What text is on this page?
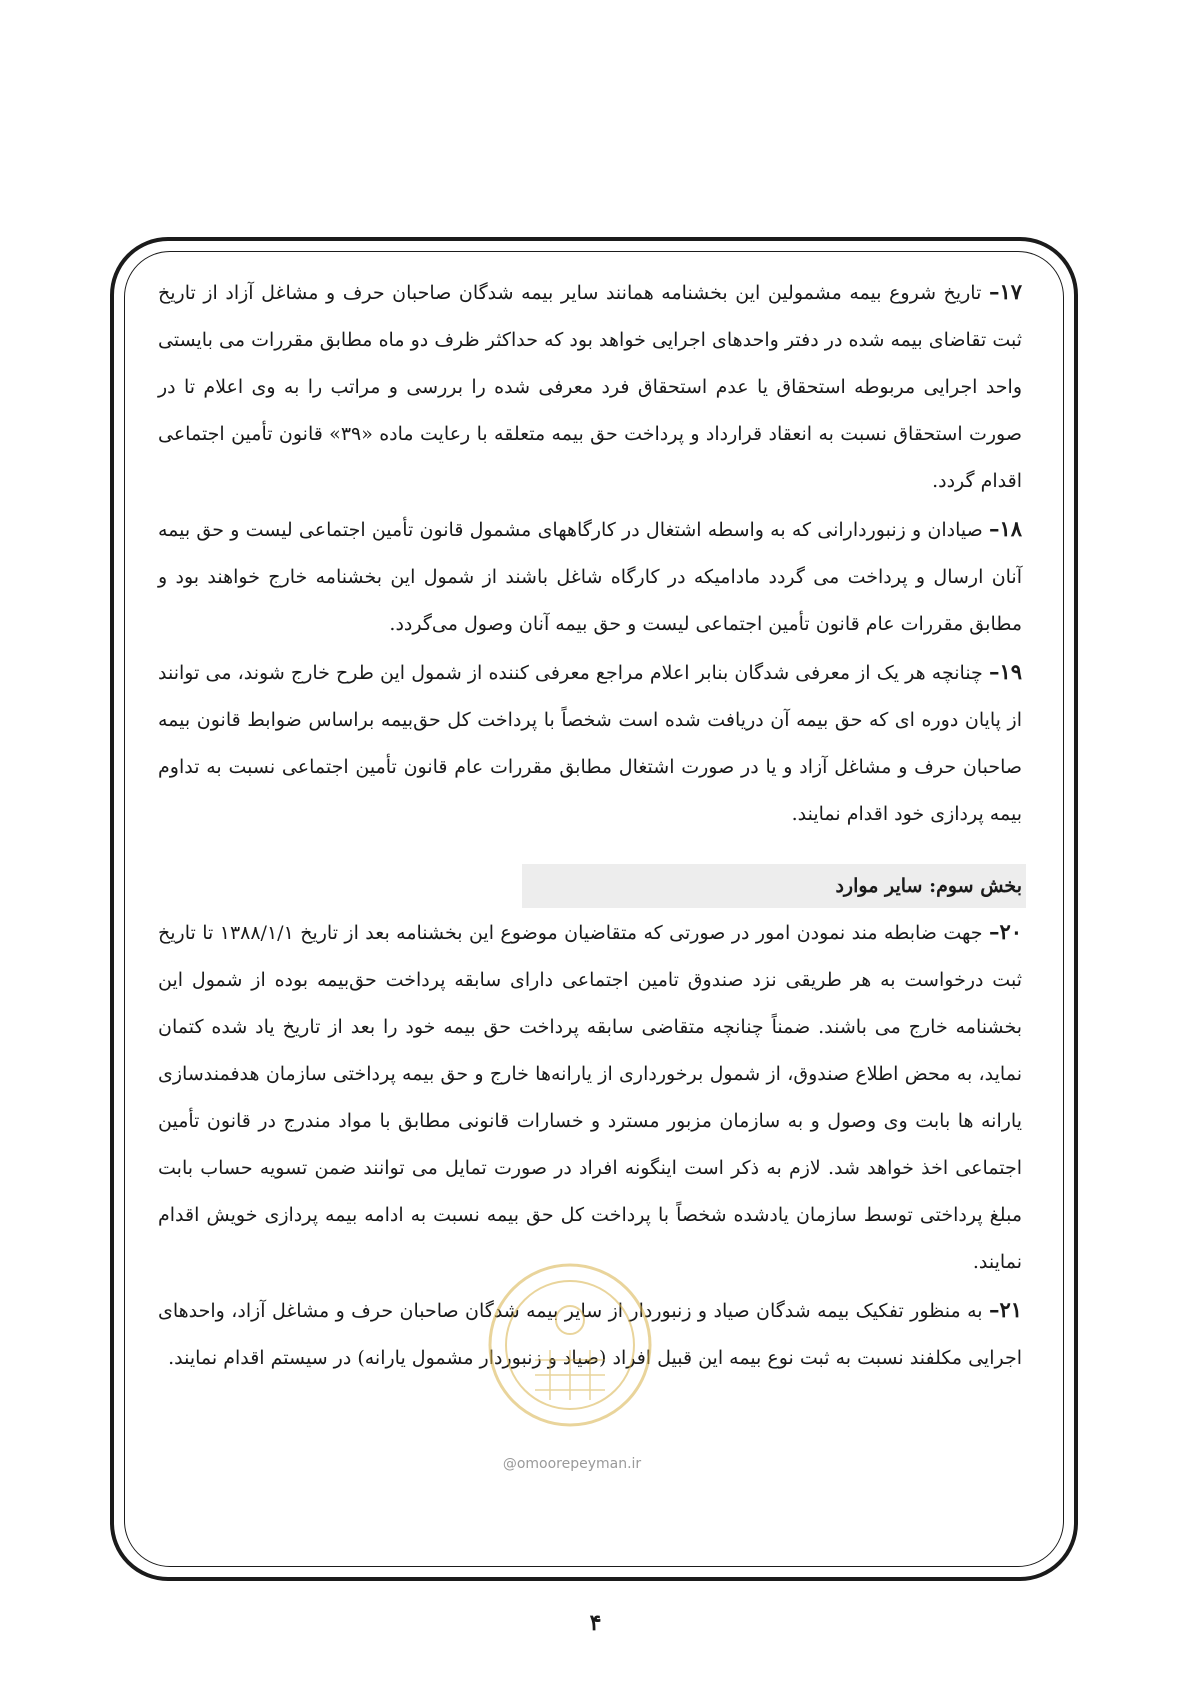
۱۷– تاریخ شروع بیمه مشمولین این بخشنامه همانند سایر بیمه شدگان صاحبان حرف و مشاغل آزاد از تاریخ ثبت تقاضای بیمه شده در دفتر واحدهای اجرایی خواهد بود که حداکثر ظرف دو ماه مطابق مقررات می بایستی واحد اجرایی مربوطه استحقاق یا عدم استحقاق فرد معرفی شده را بررسی و مراتب را به وی اعلام تا در صورت استحقاق نسبت به انعقاد قرارداد و پرداخت حق بیمه متعلقه با رعایت ماده «۳۹» قانون تأمین اجتماعی اقدام گردد.

۱۸– صیادان و زنبوردارانی که به واسطه اشتغال در کارگاههای مشمول قانون تأمین اجتماعی لیست و حق بیمه آنان ارسال و پرداخت می گردد مادامیکه در کارگاه شاغل باشند از شمول این بخشنامه خارج خواهند بود و مطابق مقررات عام قانون تأمین اجتماعی لیست و حق بیمه آنان وصول می‌گردد.

۱۹– چنانچه هر یک از معرفی شدگان بنابر اعلام مراجع معرفی کننده از شمول این طرح خارج شوند، می توانند از پایان دوره ای که حق بیمه آن دریافت شده است شخصاً با پرداخت کل حق‌بیمه براساس ضوابط قانون بیمه صاحبان حرف و مشاغل آزاد و یا در صورت اشتغال مطابق مقررات عام قانون تأمین اجتماعی نسبت به تداوم بیمه پردازی خود اقدام نمایند.

بخش سوم: سایر موارد

۲۰– جهت ضابطه مند نمودن امور در صورتی که متقاضیان موضوع این بخشنامه بعد از تاریخ ۱۳۸۸/۱/۱ تا تاریخ ثبت درخواست به هر طریقی نزد صندوق تامین اجتماعی دارای سابقه پرداخت حق‌بیمه بوده از شمول این بخشنامه خارج می باشند. ضمناً چنانچه متقاضی سابقه پرداخت حق بیمه خود را بعد از تاریخ یاد شده کتمان نماید، به محض اطلاع صندوق، از شمول برخورداری از یارانه‌ها خارج و حق بیمه پرداختی سازمان هدفمندسازی یارانه ها بابت وی وصول و به سازمان مزبور مسترد و خسارات قانونی مطابق با مواد مندرج در قانون تأمین اجتماعی اخذ خواهد شد. لازم به ذکر است اینگونه افراد در صورت تمایل می توانند ضمن تسویه حساب بابت مبلغ پرداختی توسط سازمان یادشده شخصاً با پرداخت کل حق بیمه نسبت به ادامه بیمه پردازی خویش اقدام نمایند.

۲۱– به منظور تفکیک بیمه شدگان صیاد و زنبوردار از سایر بیمه شدگان صاحبان حرف و مشاغل آزاد، واحدهای اجرایی مکلفند نسبت به ثبت نوع بیمه این قبیل افراد (صیاد و زنبوردار مشمول یارانه) در سیستم اقدام نمایند.

@omoorepeyman.ir
۴
